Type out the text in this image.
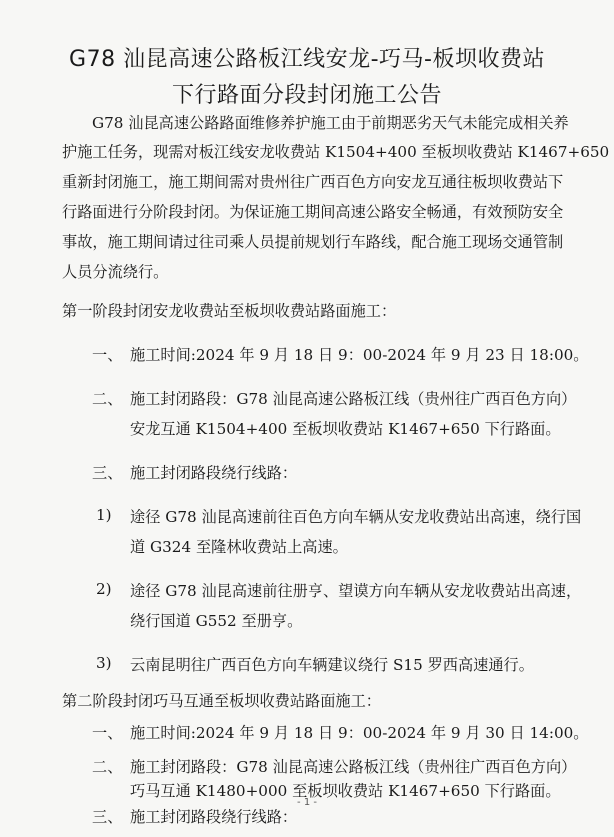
G78 汕昆高速公路板江线安龙-巧马-板坝收费站
下行路面分段封闭施工公告
G78 汕昆高速公路路面维修养护施工由于前期恶劣天气未能完成相关养
护施工任务，现需对板江线安龙收费站 K1504+400 至板坝收费站 K1467+650
重新封闭施工，施工期间需对贵州往广西百色方向安龙互通往板坝收费站下
行路面进行分阶段封闭。为保证施工期间高速公路安全畅通，有效预防安全
事故，施工期间请过往司乘人员提前规划行车路线，配合施工现场交通管制
人员分流绕行。
第一阶段封闭安龙收费站至板坝收费站路面施工：
一、 施工时间:2024 年 9 月 18 日 9：00-2024 年 9 月 23 日 18:00。
二、 施工封闭路段：G78 汕昆高速公路板江线（贵州往广西百色方向）
安龙互通 K1504+400 至板坝收费站 K1467+650 下行路面。
三、 施工封闭路段绕行线路：
1) 途径 G78 汕昆高速前往百色方向车辆从安龙收费站出高速，绕行国
道 G324 至隆林收费站上高速。
2) 途径 G78 汕昆高速前往册亨、望谟方向车辆从安龙收费站出高速，
绕行国道 G552 至册亨。
3) 云南昆明往广西百色方向车辆建议绕行 S15 罗西高速通行。
第二阶段封闭巧马互通至板坝收费站路面施工：
一、 施工时间:2024 年 9 月 18 日 9：00-2024 年 9 月 30 日 14:00。
二、 施工封闭路段：G78 汕昆高速公路板江线（贵州往广西百色方向）
巧马互通 K1480+000 至板坝收费站 K1467+650 下行路面。
三、 施工封闭路段绕行线路：
- 1 -
